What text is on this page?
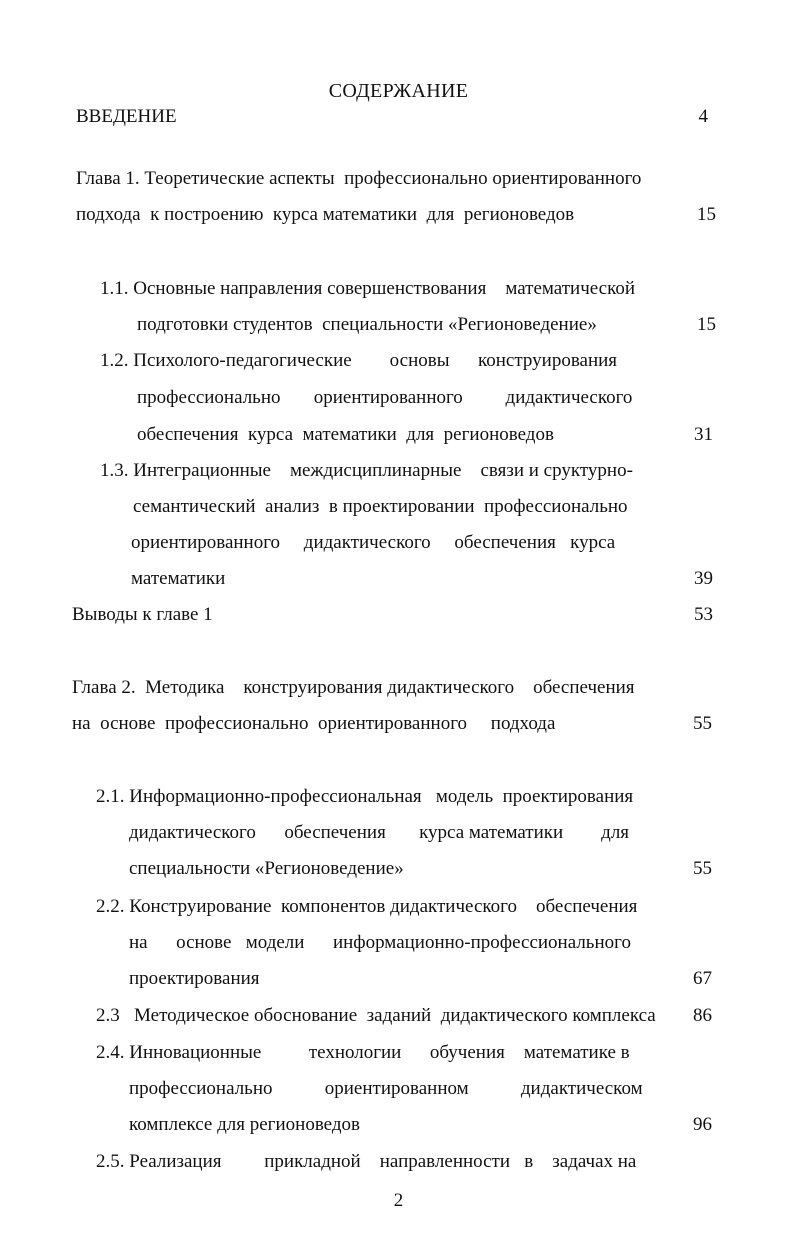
СОДЕРЖАНИЕ
ВВЕДЕНИЕ	4
Глава 1. Теоретические аспекты  профессионально ориентированного
подхода  к построению  курса математики  для  регионоведов	15
1.1. Основные направления совершенствования    математической
подготовки студентов  специальности «Регионоведение»	15
1.2. Психолого-педагогические        основы      конструирования
профессионально       ориентированного         дидактического
обеспечения  курса  математики  для  регионоведов	31
1.3. Интеграционные    междисциплинарные    связи и сруктурно-
семантический  анализ  в проектировании  профессионально
ориентированного     дидактического     обеспечения   курса
математики	39
Выводы к главе 1	53
Глава 2.  Методика    конструирования дидактического    обеспечения
на  основе  профессионально  ориентированного     подхода	55
2.1. Информационно-профессиональная   модель  проектирования
дидактического      обеспечения       курса математики        для
специальности «Регионоведение»	55
2.2. Конструирование  компонентов дидактического    обеспечения
на      основе   модели      информационно-профессионального
проектирования	67
2.3   Методическое обоснование  заданий  дидактического комплекса	86
2.4. Инновационные          технологии      обучения    математике в
профессионально           ориентированном           дидактическом
комплексе для регионоведов	96
2.5. Реализация         прикладной    направленности   в    задачах на
2
